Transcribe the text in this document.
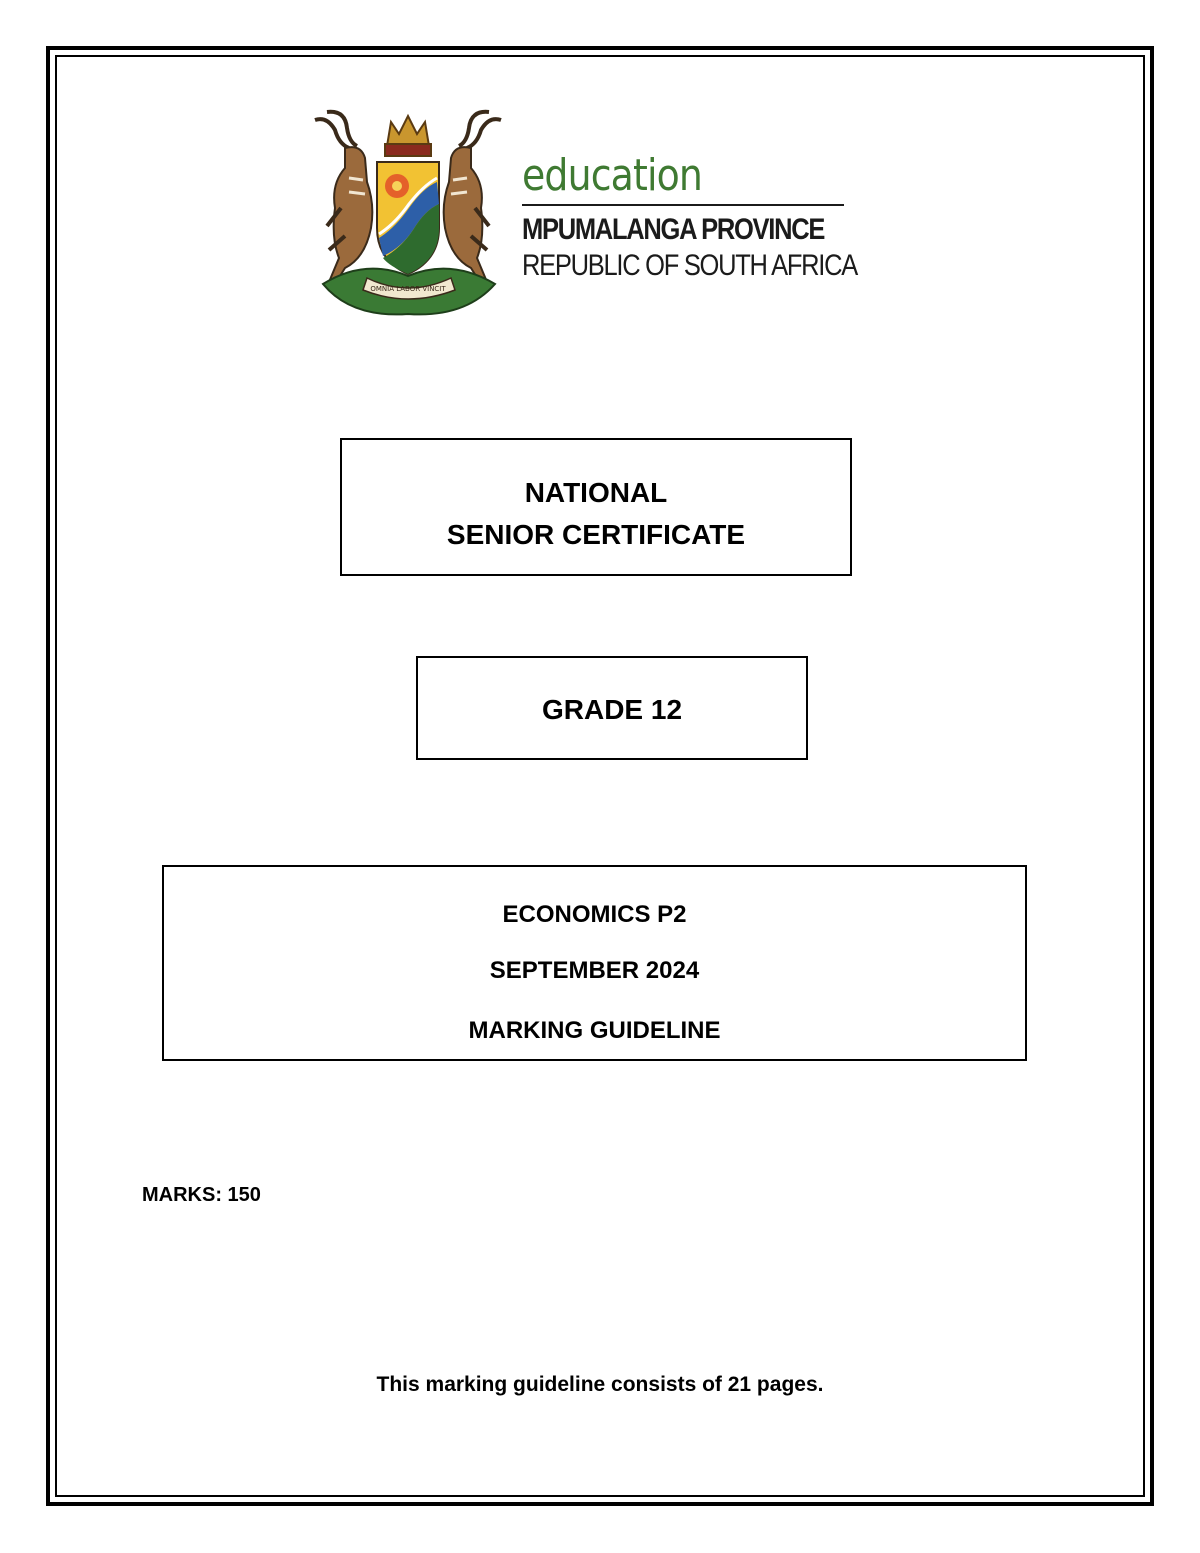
OMNIA LABOR VINCIT
education
MPUMALANGA PROVINCE
REPUBLIC OF SOUTH AFRICA
NATIONAL
SENIOR CERTIFICATE
GRADE 12
ECONOMICS P2
SEPTEMBER 2024
MARKING GUIDELINE
MARKS: 150
This marking guideline consists of 21 pages.
